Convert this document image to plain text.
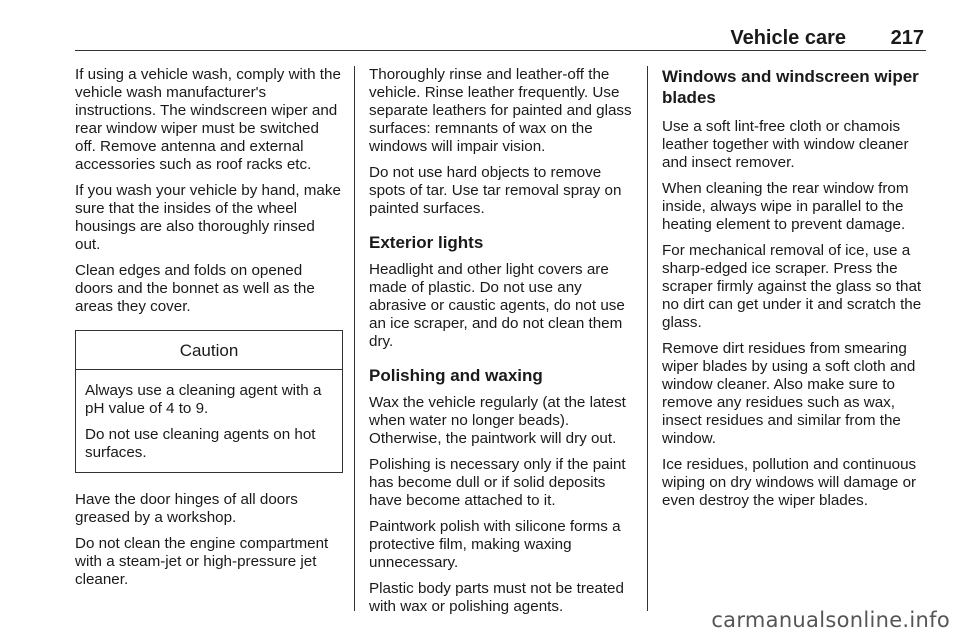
Vehicle care 217

If using a vehicle wash, comply with the vehicle wash manufacturer's instructions. The windscreen wiper and rear window wiper must be switched off. Remove antenna and external accessories such as roof racks etc.

If you wash your vehicle by hand, make sure that the insides of the wheel housings are also thoroughly rinsed out.

Clean edges and folds on opened doors and the bonnet as well as the areas they cover.

Caution

Always use a cleaning agent with a pH value of 4 to 9.

Do not use cleaning agents on hot surfaces.

Have the door hinges of all doors greased by a workshop.

Do not clean the engine compartment with a steam-jet or high-pressure jet cleaner.

Thoroughly rinse and leather-off the vehicle. Rinse leather frequently. Use separate leathers for painted and glass surfaces: remnants of wax on the windows will impair vision.

Do not use hard objects to remove spots of tar. Use tar removal spray on painted surfaces.

Exterior lights

Headlight and other light covers are made of plastic. Do not use any abrasive or caustic agents, do not use an ice scraper, and do not clean them dry.

Polishing and waxing

Wax the vehicle regularly (at the latest when water no longer beads). Otherwise, the paintwork will dry out.

Polishing is necessary only if the paint has become dull or if solid deposits have become attached to it.

Paintwork polish with silicone forms a protective film, making waxing unnecessary.

Plastic body parts must not be treated with wax or polishing agents.

Windows and windscreen wiper blades

Use a soft lint-free cloth or chamois leather together with window cleaner and insect remover.

When cleaning the rear window from inside, always wipe in parallel to the heating element to prevent damage.

For mechanical removal of ice, use a sharp-edged ice scraper. Press the scraper firmly against the glass so that no dirt can get under it and scratch the glass.

Remove dirt residues from smearing wiper blades by using a soft cloth and window cleaner. Also make sure to remove any residues such as wax, insect residues and similar from the window.

Ice residues, pollution and continuous wiping on dry windows will damage or even destroy the wiper blades.

carmanualsonline.info
